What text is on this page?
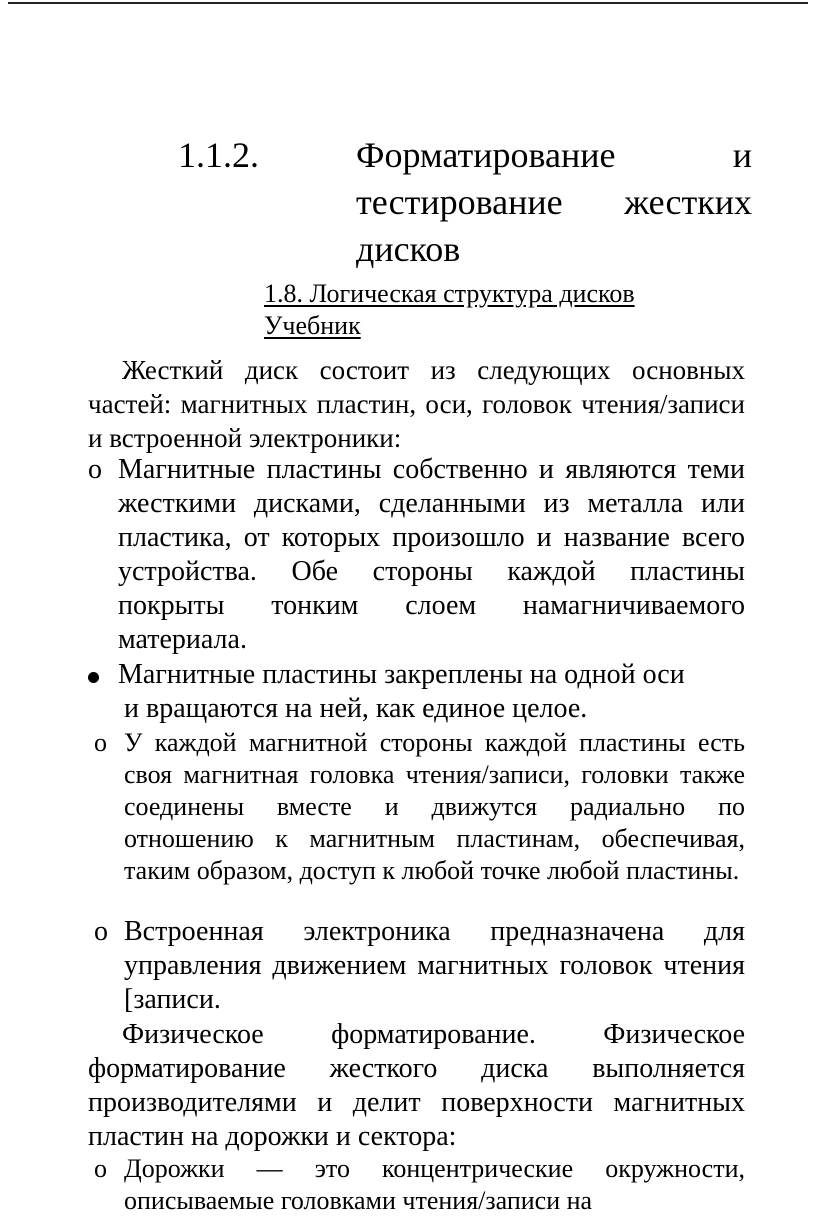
1.1.2.	Форматирование	и
тестирование жестких
дисков
1.8. Логическая структура дисков
Учебник

Жесткий диск состоит из следующих основных частей: магнитных пластин, оси, головок чтения/записи и встроенной электроники:

o Магнитные пластины собственно и являются теми жесткими дисками, сделанными из металла или пластика, от которых произошло и название всего устройства. Обе стороны каждой пластины покрыты тонким слоем намагничиваемого материала.
Магнитные пластины закреплены на одной оси
и вращаются на ней, как единое целое.
o У каждой магнитной стороны каждой пластины есть своя магнитная головка чтения/записи, головки также соединены вместе и движутся радиально по отношению к магнитным пластинам, обеспечивая, таким образом, доступ к любой точке любой пластины.
o Встроенная электроника предназначена для управления движением магнитных головок чтения [записи.

Физическое форматирование. Физическое форматирование жесткого диска выполняется производителями и делит поверхности магнитных пластин на дорожки и сектора:

o Дорожки — это концентрические окружности, описываемые головками чтения/записи на
